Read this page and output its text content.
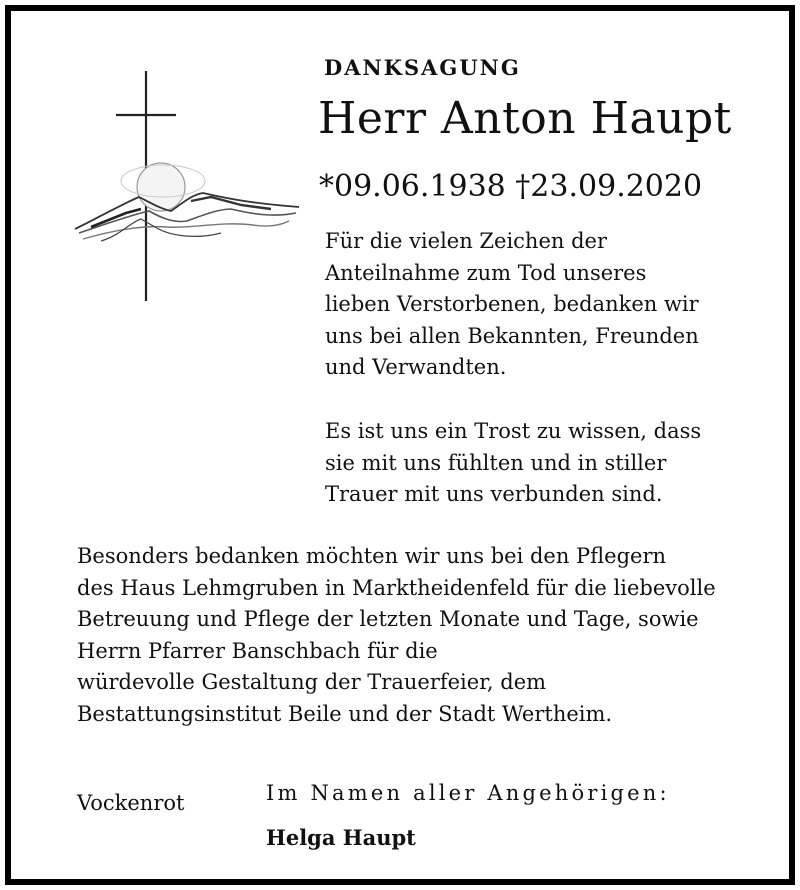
DANKSAGUNG
Herr Anton Haupt
*09.06.1938 †23.09.2020

Für die vielen Zeichen der
Anteilnahme zum Tod unseres
lieben Verstorbenen, bedanken wir
uns bei allen Bekannten, Freunden
und Verwandten.

Es ist uns ein Trost zu wissen, dass
sie mit uns fühlten und in stiller
Trauer mit uns verbunden sind.

Besonders bedanken möchten wir uns bei den Pflegern
des Haus Lehmgruben in Marktheidenfeld für die liebevolle
Betreuung und Pflege der letzten Monate und Tage, sowie
Herrn Pfarrer Banschbach für die
würdevolle Gestaltung der Trauerfeier, dem
Bestattungsinstitut Beile und der Stadt Wertheim.

Vockenrot	Im Namen aller Angehörigen:
Helga Haupt
